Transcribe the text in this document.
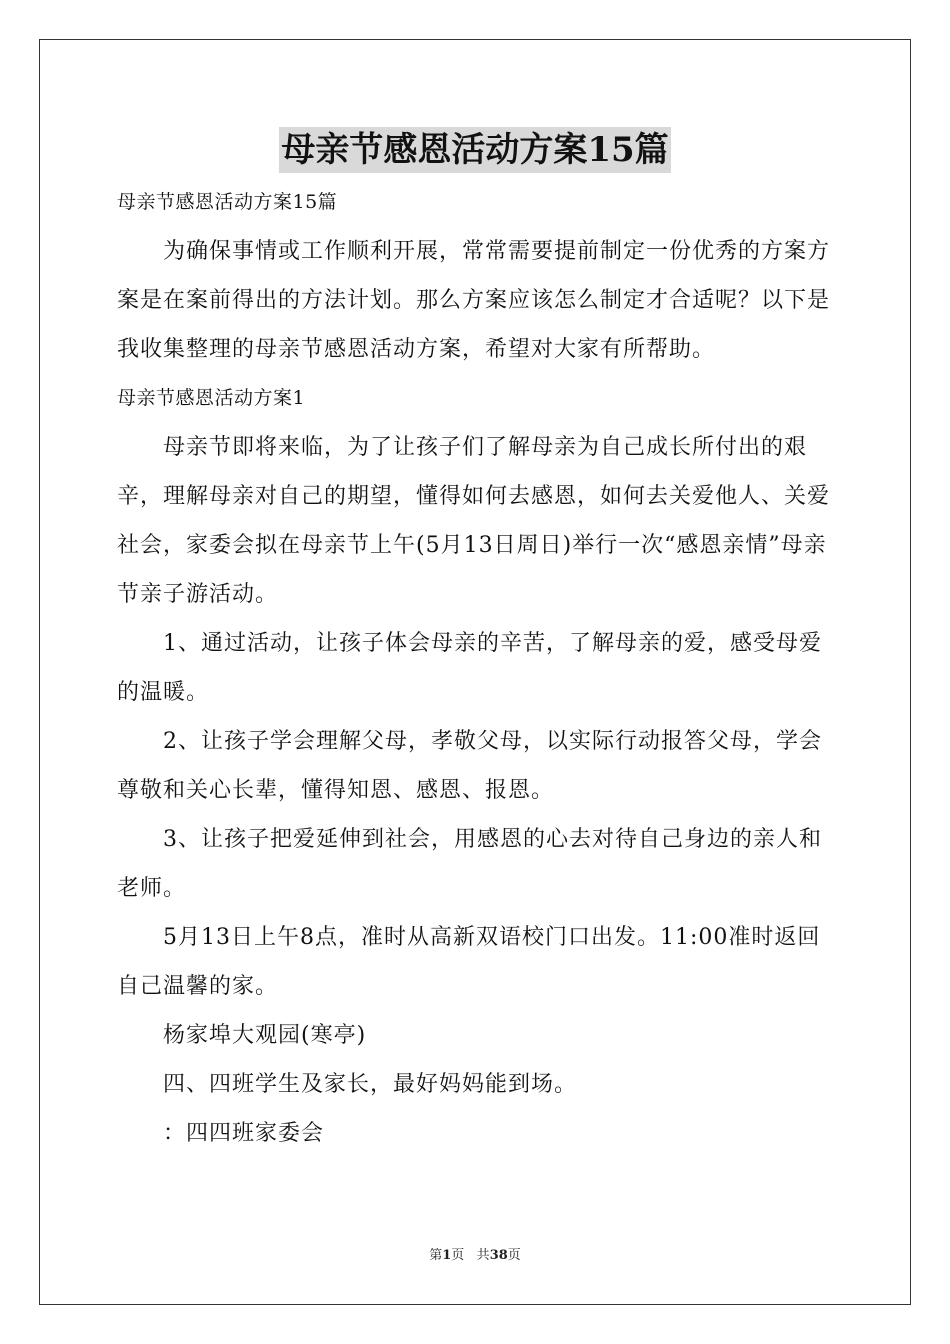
母亲节感恩活动方案15篇

母亲节感恩活动方案15篇

为确保事情或工作顺利开展，常常需要提前制定一份优秀的方案方案是在案前得出的方法计划。那么方案应该怎么制定才合适呢？以下是我收集整理的母亲节感恩活动方案，希望对大家有所帮助。

母亲节感恩活动方案1

母亲节即将来临，为了让孩子们了解母亲为自己成长所付出的艰辛，理解母亲对自己的期望，懂得如何去感恩，如何去关爱他人、关爱社会，家委会拟在母亲节上午(5月13日周日)举行一次“感恩亲情”母亲节亲子游活动。

1、通过活动，让孩子体会母亲的辛苦，了解母亲的爱，感受母爱的温暖。

2、让孩子学会理解父母，孝敬父母，以实际行动报答父母，学会尊敬和关心长辈，懂得知恩、感恩、报恩。

3、让孩子把爱延伸到社会，用感恩的心去对待自己身边的亲人和老师。

5月13日上午8点，准时从高新双语校门口出发。11:00准时返回自己温馨的家。

杨家埠大观园(寒亭)

四、四班学生及家长，最好妈妈能到场。

：四四班家委会

第1页 共38页
